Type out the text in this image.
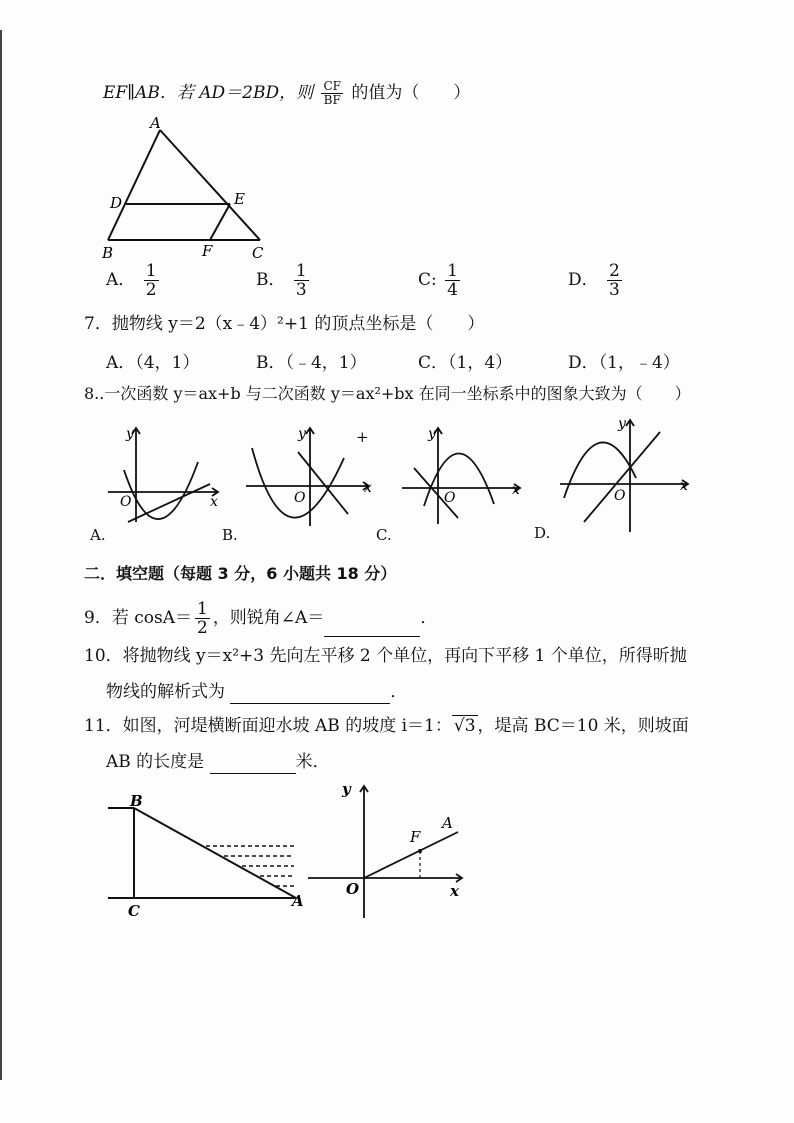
EF∥AB．若 AD＝2BD，则 $\frac{CF}{BF}$ 的值为（　　）
A
D	E
B	F	C
A． $\frac{1}{2}$	B． $\frac{1}{3}$	C: $\frac{1}{4}$	D． $\frac{2}{3}$
7．抛物线 y＝2（x﹣4）²+1 的顶点坐标是（　　）
A．（4，1）	B．（﹣4，1）	C．（1，4）	D．（1，﹣4）
8..一次函数 y＝ax+b 与二次函数 y＝ax²+bx 在同一坐标系中的图象大致为（　　）
y
x
O
A.
y
x
O
B.
+	y
x
O
C.
y
x
O
D.
二．填空题（每题 3 分，6 小题共 18 分）
9．若 $\cos A= \frac{1}{2}$ ，则锐角∠A＝	．
10．将抛物线 y＝x²+3 先向左平移 2 个单位，再向下平移 1 个单位，所得昕抛
物线的解析式为	．
11．如图，河堤横断面迎水坡 AB 的坡度 i＝1： √3 ，堤高 BC＝10 米，则坡面
AB 的长度是	米．
B
C
A
y
x
O
F
A
